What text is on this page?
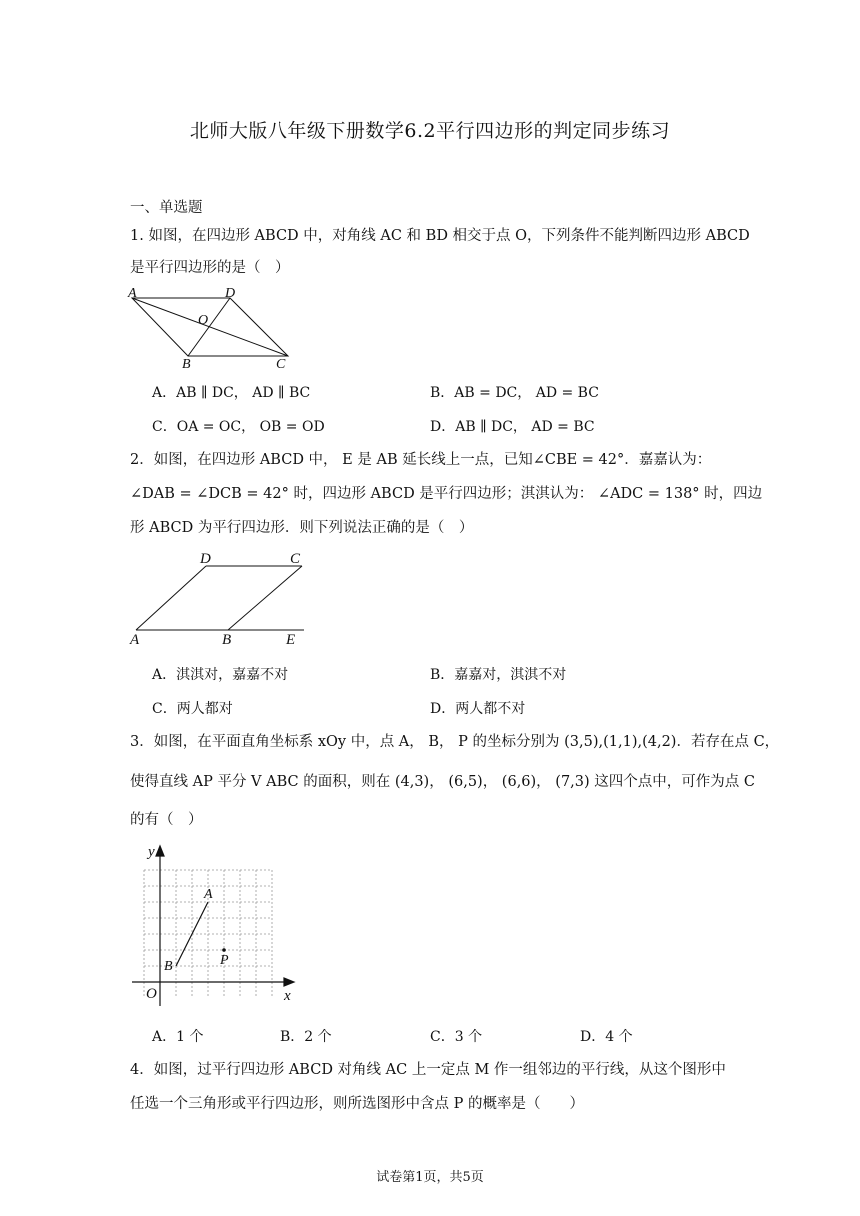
北师大版八年级下册数学6.2平行四边形的判定同步练习
一、单选题
1. 如图，在四边形 ABCD 中，对角线 AC 和 BD 相交于点 O，下列条件不能判断四边形 ABCD
是平行四边形的是（　）
A	D
O
B	C
A．AB ∥ DC， AD ∥ BC	B．AB = DC， AD = BC
C．OA = OC， OB = OD	D．AB ∥ DC， AD = BC
2．如图，在四边形 ABCD 中， E 是 AB 延长线上一点，已知∠CBE = 42°．嘉嘉认为：
∠DAB = ∠DCB = 42° 时，四边形 ABCD 是平行四边形；淇淇认为： ∠ADC = 138° 时，四边
形 ABCD 为平行四边形．则下列说法正确的是（　）
D	C
A	B	E
A．淇淇对，嘉嘉不对	B．嘉嘉对，淇淇不对
C．两人都对	D．两人都不对
3．如图，在平面直角坐标系 xOy 中，点 A， B， P 的坐标分别为 (3,5),(1,1),(4,2)．若存在点 C，
使得直线 AP 平分 V ABC 的面积，则在 (4,3)， (6,5)， (6,6)， (7,3) 这四个点中，可作为点 C
的有（　）
y
x
O
A
B	P
A．1 个	B．2 个	C．3 个	D．4 个
4．如图，过平行四边形 ABCD 对角线 AC 上一定点 M 作一组邻边的平行线，从这个图形中
任选一个三角形或平行四边形，则所选图形中含点 P 的概率是（　　）
试卷第1页，共5页
